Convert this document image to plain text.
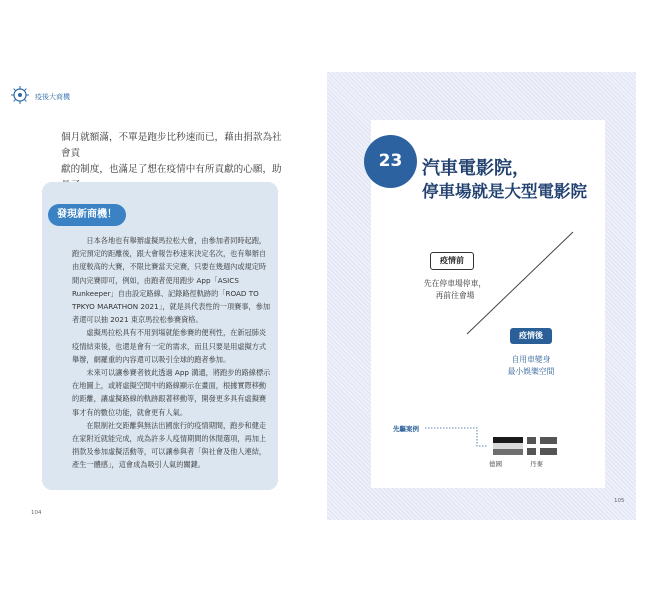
疫後大商機
個月就額滿，不單是跑步比秒速而已，藉由捐款為社會貢
獻的制度，也滿足了想在疫情中有所貢獻的心願，助
發現新商機！

日本各地也有舉辦虛擬馬拉松大會，由參加者同時起跑，跑完預定的距離後，跟大會報告秒速來決定名次，也有舉辦自由度較高的大賽，不限比賽當天完賽，只要在幾週內或規定時間內完賽即可，例如，由跑者使用跑步 App「ASICS Runkeeper」自由設定路線、記錄路徑軌跡的「ROAD TO TPKYO MARATHON 2021」，就是具代表性的一項賽事，參加者還可以抽 2021 東京馬拉松參賽資格。

虛擬馬拉松具有不用到場就能參賽的便利性，在新冠肺炎疫情結束後，也還是會有一定的需求，而且只要是用虛擬方式舉辦，網羅重的內容還可以吸引全球的跑者參加。

未來可以讓參賽者彼此透過 App 溝通，將跑步的路線標示在地圖上，或將虛擬空間中的路線顯示在畫面，根據實際移動的距離，讓虛擬路線的軌跡跟著移動等，開發更多具有虛擬賽事才有的數位功能，就會更有人氣。

在限制社交距離與無法出國旅行的疫情期間，跑步和健走在家附近就能完成，成為許多人疫情期間的休閒選項，再加上捐款及參加虛擬活動等，可以讓參與者「與社會及他人連結，產生一體感」，這會成為吸引人氣的關鍵。

104
23	汽車電影院，
停車場就是大型電影院
疫情前
先在停車場停車，
再前往會場
疫情後
自用車變身
最小娛樂空間
先驅案例
德國	丹麥
105
